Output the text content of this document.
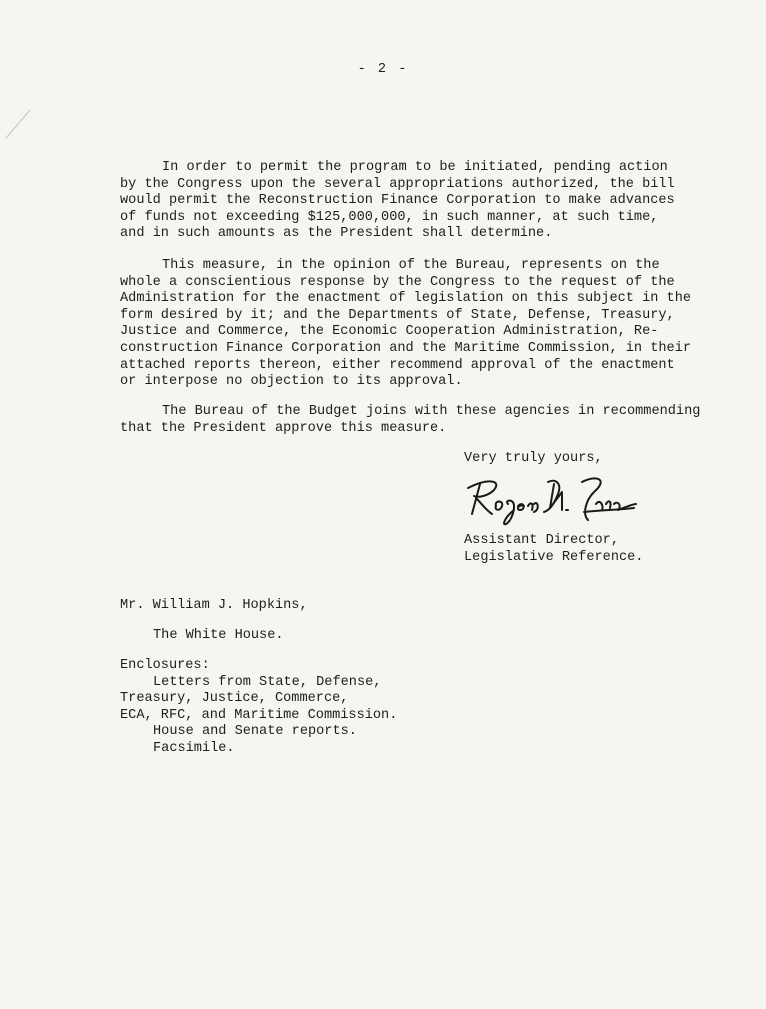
- 2 -

In order to permit the program to be initiated, pending action
by the Congress upon the several appropriations authorized, the bill
would permit the Reconstruction Finance Corporation to make advances
of funds not exceeding $125,000,000, in such manner, at such time,
and in such amounts as the President shall determine.

This measure, in the opinion of the Bureau, represents on the
whole a conscientious response by the Congress to the request of the
Administration for the enactment of legislation on this subject in the
form desired by it; and the Departments of State, Defense, Treasury,
Justice and Commerce, the Economic Cooperation Administration, Re-
construction Finance Corporation and the Maritime Commission, in their
attached reports thereon, either recommend approval of the enactment
or interpose no objection to its approval.

The Bureau of the Budget joins with these agencies in recommending
that the President approve this measure.

Very truly yours,
Assistant Director,
Legislative Reference.
Mr. William J. Hopkins,
The White House.
Enclosures:
Letters from State, Defense,
Treasury, Justice, Commerce,
ECA, RFC, and Maritime Commission.
House and Senate reports.
Facsimile.
